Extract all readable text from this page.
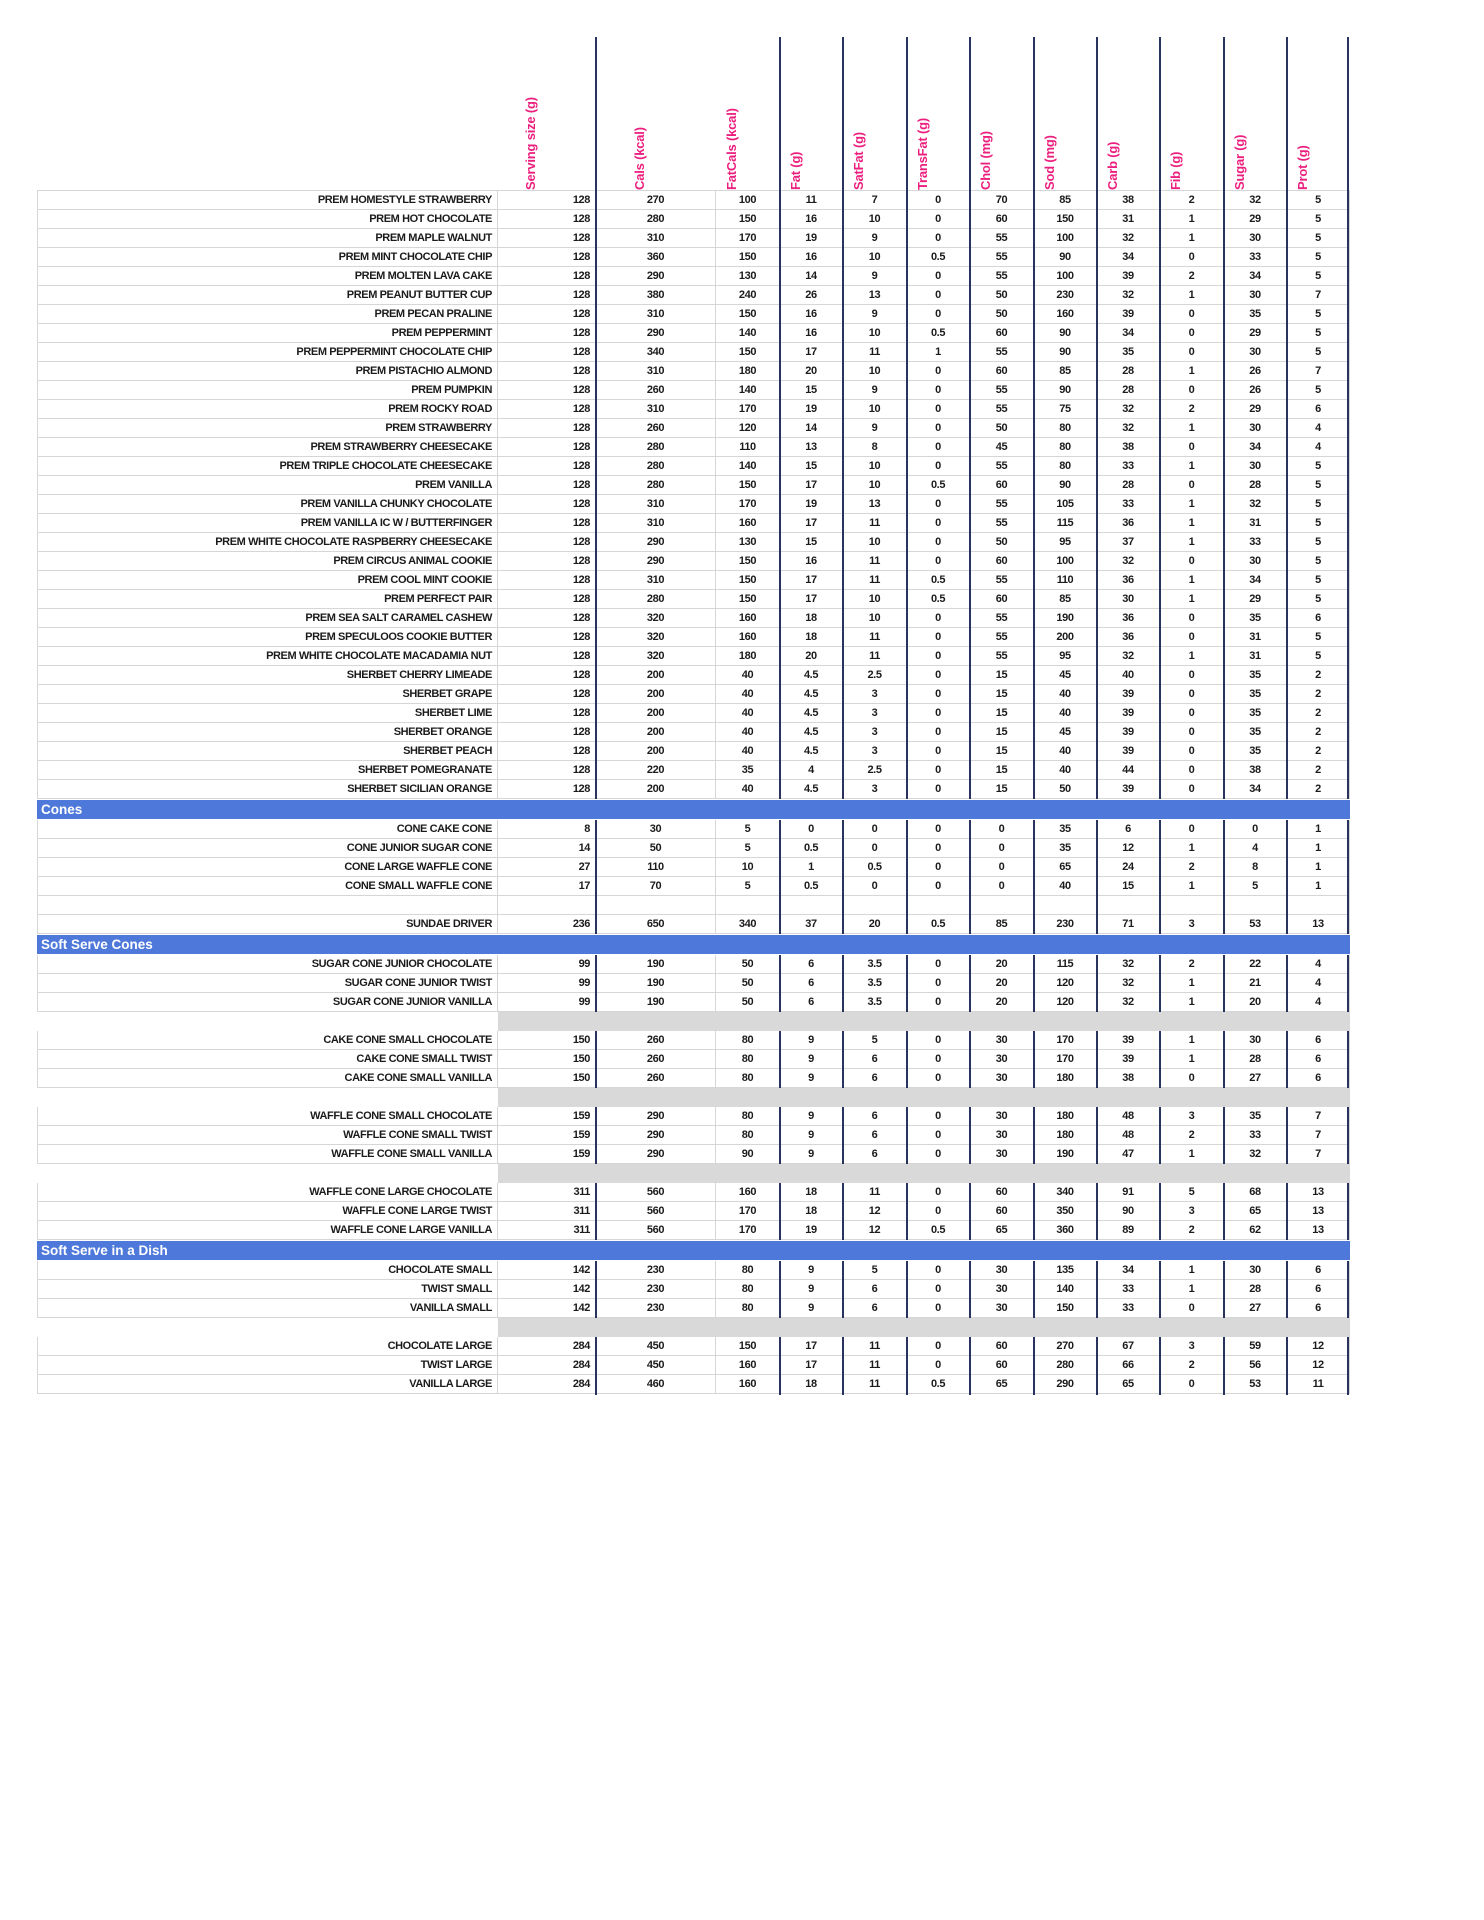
Serving size (g)	Cals (kcal)	FatCals (kcal)	Fat (g)	SatFat (g)	TransFat (g)	Chol (mg)	Sod (mg)	Carb (g)	Fib (g)	Sugar (g)	Prot (g)
PREM HOMESTYLE STRAWBERRY	128	270	100	11	7	0	70	85	38	2	32	5
PREM HOT CHOCOLATE	128	280	150	16	10	0	60	150	31	1	29	5
PREM MAPLE WALNUT	128	310	170	19	9	0	55	100	32	1	30	5
PREM MINT CHOCOLATE CHIP	128	360	150	16	10	0.5	55	90	34	0	33	5
PREM MOLTEN LAVA CAKE	128	290	130	14	9	0	55	100	39	2	34	5
PREM PEANUT BUTTER CUP	128	380	240	26	13	0	50	230	32	1	30	7
PREM PECAN PRALINE	128	310	150	16	9	0	50	160	39	0	35	5
PREM PEPPERMINT	128	290	140	16	10	0.5	60	90	34	0	29	5
PREM PEPPERMINT CHOCOLATE CHIP	128	340	150	17	11	1	55	90	35	0	30	5
PREM PISTACHIO ALMOND	128	310	180	20	10	0	60	85	28	1	26	7
PREM PUMPKIN	128	260	140	15	9	0	55	90	28	0	26	5
PREM ROCKY ROAD	128	310	170	19	10	0	55	75	32	2	29	6
PREM STRAWBERRY	128	260	120	14	9	0	50	80	32	1	30	4
PREM STRAWBERRY CHEESECAKE	128	280	110	13	8	0	45	80	38	0	34	4
PREM TRIPLE CHOCOLATE CHEESECAKE	128	280	140	15	10	0	55	80	33	1	30	5
PREM VANILLA	128	280	150	17	10	0.5	60	90	28	0	28	5
PREM VANILLA CHUNKY CHOCOLATE	128	310	170	19	13	0	55	105	33	1	32	5
PREM VANILLA IC W / BUTTERFINGER	128	310	160	17	11	0	55	115	36	1	31	5
PREM WHITE CHOCOLATE RASPBERRY CHEESECAKE	128	290	130	15	10	0	50	95	37	1	33	5
PREM CIRCUS ANIMAL COOKIE	128	290	150	16	11	0	60	100	32	0	30	5
PREM COOL MINT COOKIE	128	310	150	17	11	0.5	55	110	36	1	34	5
PREM PERFECT PAIR	128	280	150	17	10	0.5	60	85	30	1	29	5
PREM SEA SALT CARAMEL CASHEW	128	320	160	18	10	0	55	190	36	0	35	6
PREM SPECULOOS COOKIE BUTTER	128	320	160	18	11	0	55	200	36	0	31	5
PREM WHITE CHOCOLATE MACADAMIA NUT	128	320	180	20	11	0	55	95	32	1	31	5
SHERBET CHERRY LIMEADE	128	200	40	4.5	2.5	0	15	45	40	0	35	2
SHERBET GRAPE	128	200	40	4.5	3	0	15	40	39	0	35	2
SHERBET LIME	128	200	40	4.5	3	0	15	40	39	0	35	2
SHERBET ORANGE	128	200	40	4.5	3	0	15	45	39	0	35	2
SHERBET PEACH	128	200	40	4.5	3	0	15	40	39	0	35	2
SHERBET POMEGRANATE	128	220	35	4	2.5	0	15	40	44	0	38	2
SHERBET SICILIAN ORANGE	128	200	40	4.5	3	0	15	50	39	0	34	2
Cones
CONE CAKE CONE	8	30	5	0	0	0	0	35	6	0	0	1
CONE JUNIOR SUGAR CONE	14	50	5	0.5	0	0	0	35	12	1	4	1
CONE LARGE WAFFLE CONE	27	110	10	1	0.5	0	0	65	24	2	8	1
CONE SMALL WAFFLE CONE	17	70	5	0.5	0	0	0	40	15	1	5	1
SUNDAE DRIVER	236	650	340	37	20	0.5	85	230	71	3	53	13
Soft Serve Cones
SUGAR CONE JUNIOR CHOCOLATE	99	190	50	6	3.5	0	20	115	32	2	22	4
SUGAR CONE JUNIOR TWIST	99	190	50	6	3.5	0	20	120	32	1	21	4
SUGAR CONE JUNIOR VANILLA	99	190	50	6	3.5	0	20	120	32	1	20	4
CAKE CONE SMALL CHOCOLATE	150	260	80	9	5	0	30	170	39	1	30	6
CAKE CONE SMALL TWIST	150	260	80	9	6	0	30	170	39	1	28	6
CAKE CONE SMALL VANILLA	150	260	80	9	6	0	30	180	38	0	27	6
WAFFLE CONE SMALL CHOCOLATE	159	290	80	9	6	0	30	180	48	3	35	7
WAFFLE CONE SMALL TWIST	159	290	80	9	6	0	30	180	48	2	33	7
WAFFLE CONE SMALL VANILLA	159	290	90	9	6	0	30	190	47	1	32	7
WAFFLE CONE LARGE CHOCOLATE	311	560	160	18	11	0	60	340	91	5	68	13
WAFFLE CONE LARGE TWIST	311	560	170	18	12	0	60	350	90	3	65	13
WAFFLE CONE LARGE VANILLA	311	560	170	19	12	0.5	65	360	89	2	62	13
Soft Serve in a Dish
CHOCOLATE SMALL	142	230	80	9	5	0	30	135	34	1	30	6
TWIST SMALL	142	230	80	9	6	0	30	140	33	1	28	6
VANILLA SMALL	142	230	80	9	6	0	30	150	33	0	27	6
CHOCOLATE LARGE	284	450	150	17	11	0	60	270	67	3	59	12
TWIST LARGE	284	450	160	17	11	0	60	280	66	2	56	12
VANILLA LARGE	284	460	160	18	11	0.5	65	290	65	0	53	11
